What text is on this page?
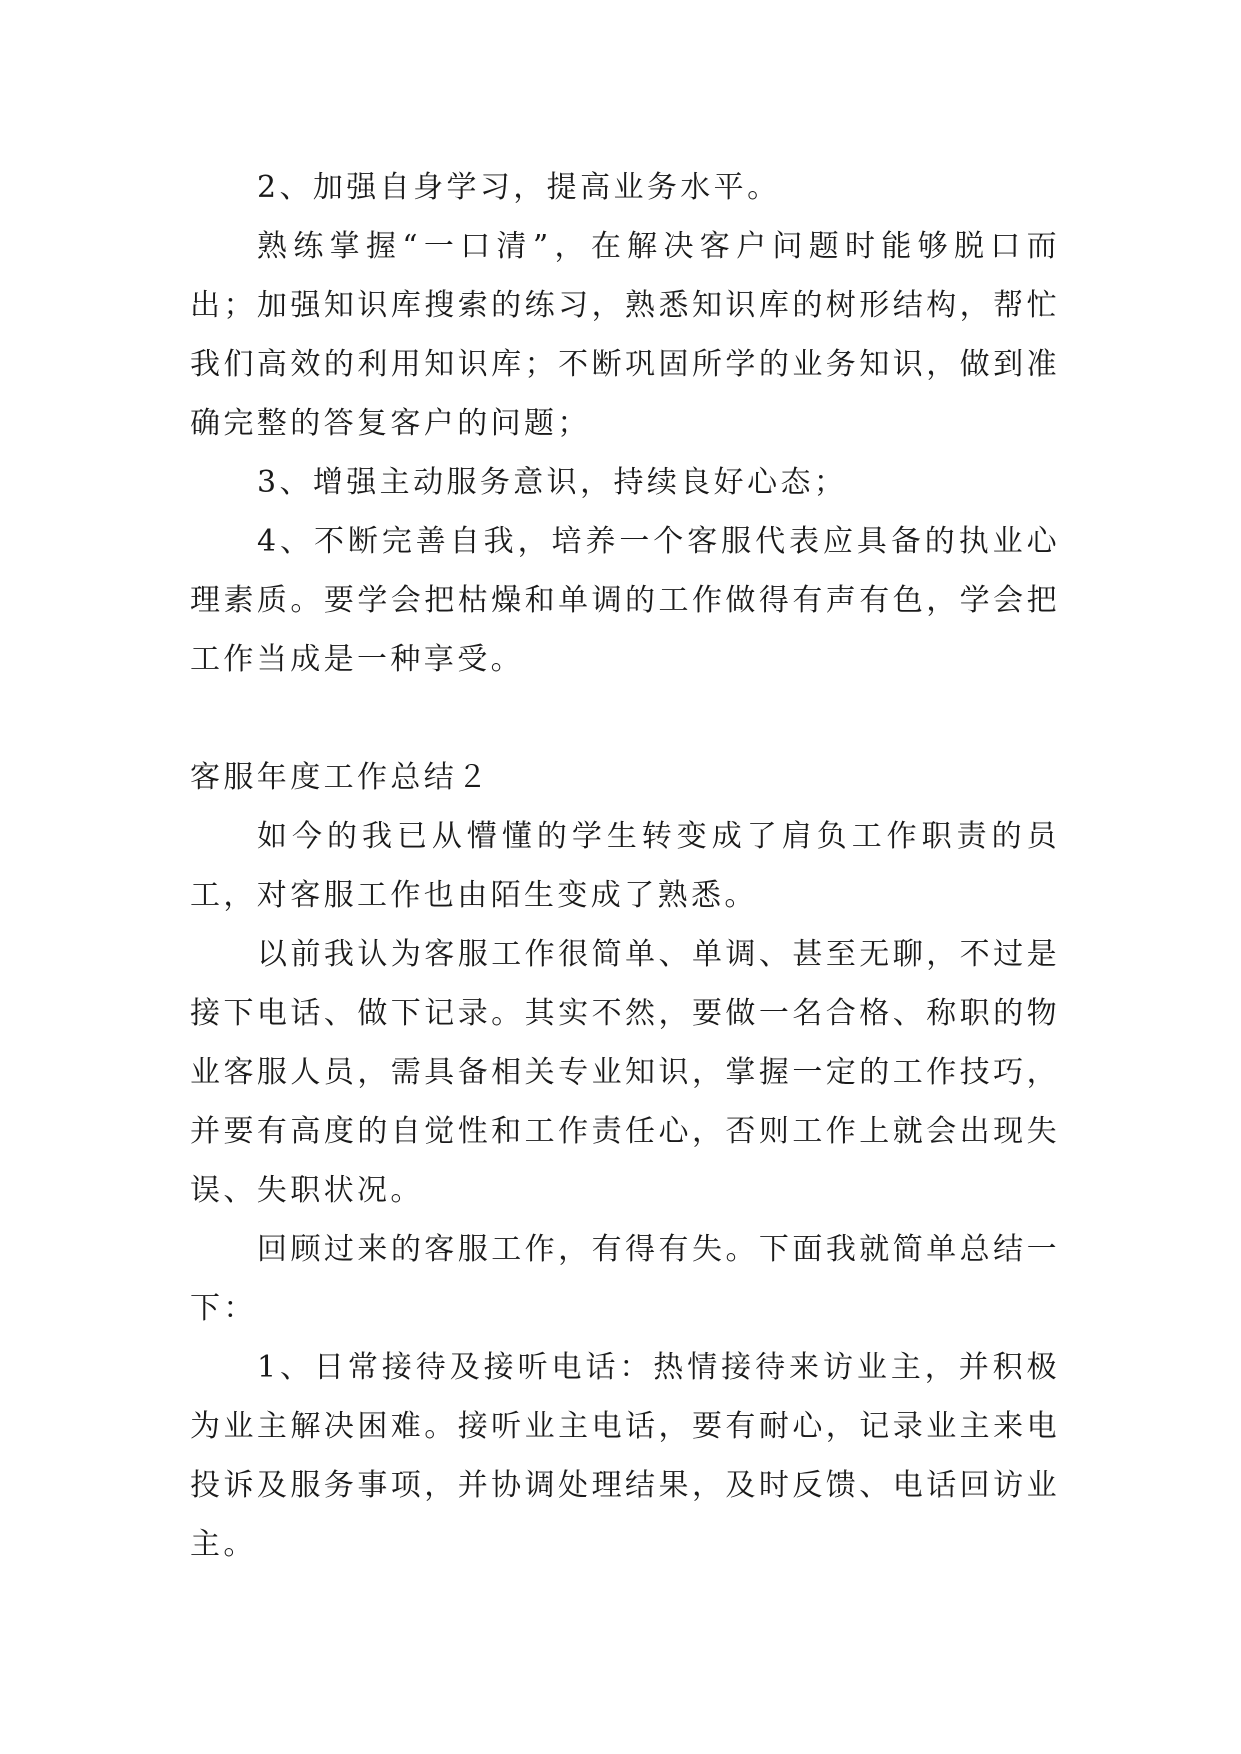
2、加强自身学习，提高业务水平。

熟练掌握“一口清”，在解决客户问题时能够脱口而出；加强知识库搜索的练习，熟悉知识库的树形结构，帮忙我们高效的利用知识库；不断巩固所学的业务知识，做到准确完整的答复客户的问题；

3、增强主动服务意识，持续良好心态；

4、不断完善自我，培养一个客服代表应具备的执业心理素质。要学会把枯燥和单调的工作做得有声有色，学会把工作当成是一种享受。

客服年度工作总结２

如今的我已从懵懂的学生转变成了肩负工作职责的员工，对客服工作也由陌生变成了熟悉。

以前我认为客服工作很简单、单调、甚至无聊，不过是接下电话、做下记录。其实不然，要做一名合格、称职的物业客服人员，需具备相关专业知识，掌握一定的工作技巧，并要有高度的自觉性和工作责任心，否则工作上就会出现失误、失职状况。

回顾过来的客服工作，有得有失。下面我就简单总结一下：

1、日常接待及接听电话：热情接待来访业主，并积极为业主解决困难。接听业主电话，要有耐心，记录业主来电投诉及服务事项，并协调处理结果，及时反馈、电话回访业主。
